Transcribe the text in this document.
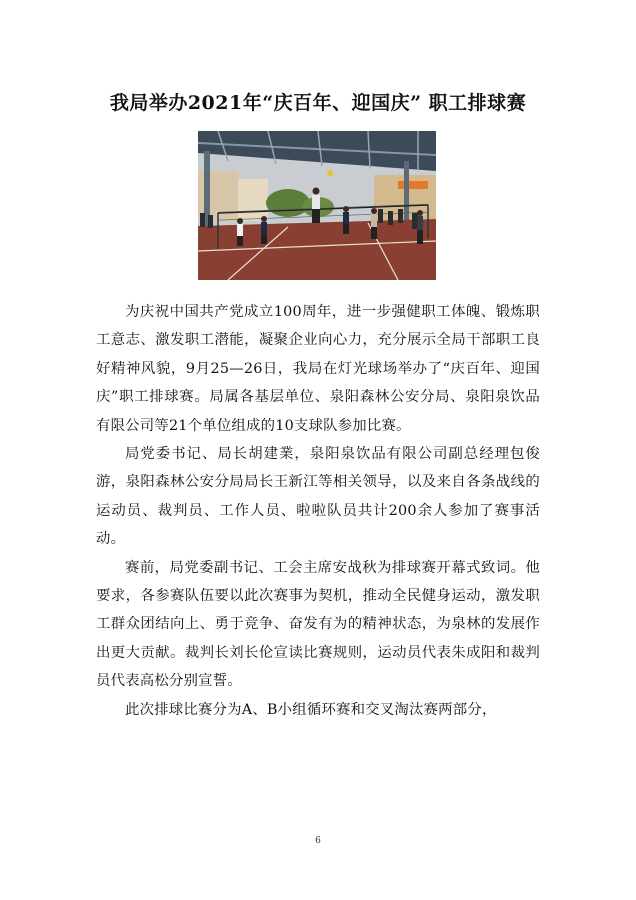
我局举办2021年“庆百年、迎国庆” 职工排球赛

为庆祝中国共产党成立100周年，进一步强健职工体魄、锻炼职工意志、激发职工潜能，凝聚企业向心力，充分展示全局干部职工良好精神风貌，9月25—26日，我局在灯光球场举办了“庆百年、迎国庆”职工排球赛。局属各基层单位、泉阳森林公安分局、泉阳泉饮品有限公司等21个单位组成的10支球队参加比赛。

局党委书记、局长胡建業，泉阳泉饮品有限公司副总经理包俊游，泉阳森林公安分局局长王新江等相关领导，以及来自各条战线的运动员、裁判员、工作人员、啦啦队员共计200余人参加了赛事活动。

赛前，局党委副书记、工会主席安战秋为排球赛开幕式致词。他要求，各参赛队伍要以此次赛事为契机，推动全民健身运动，激发职工群众团结向上、勇于竞争、奋发有为的精神状态，为泉林的发展作出更大贡献。裁判长刘长伦宣读比赛规则，运动员代表朱成阳和裁判员代表高松分别宣誓。

此次排球比赛分为A、B小组循环赛和交叉淘汰赛两部分，

6
